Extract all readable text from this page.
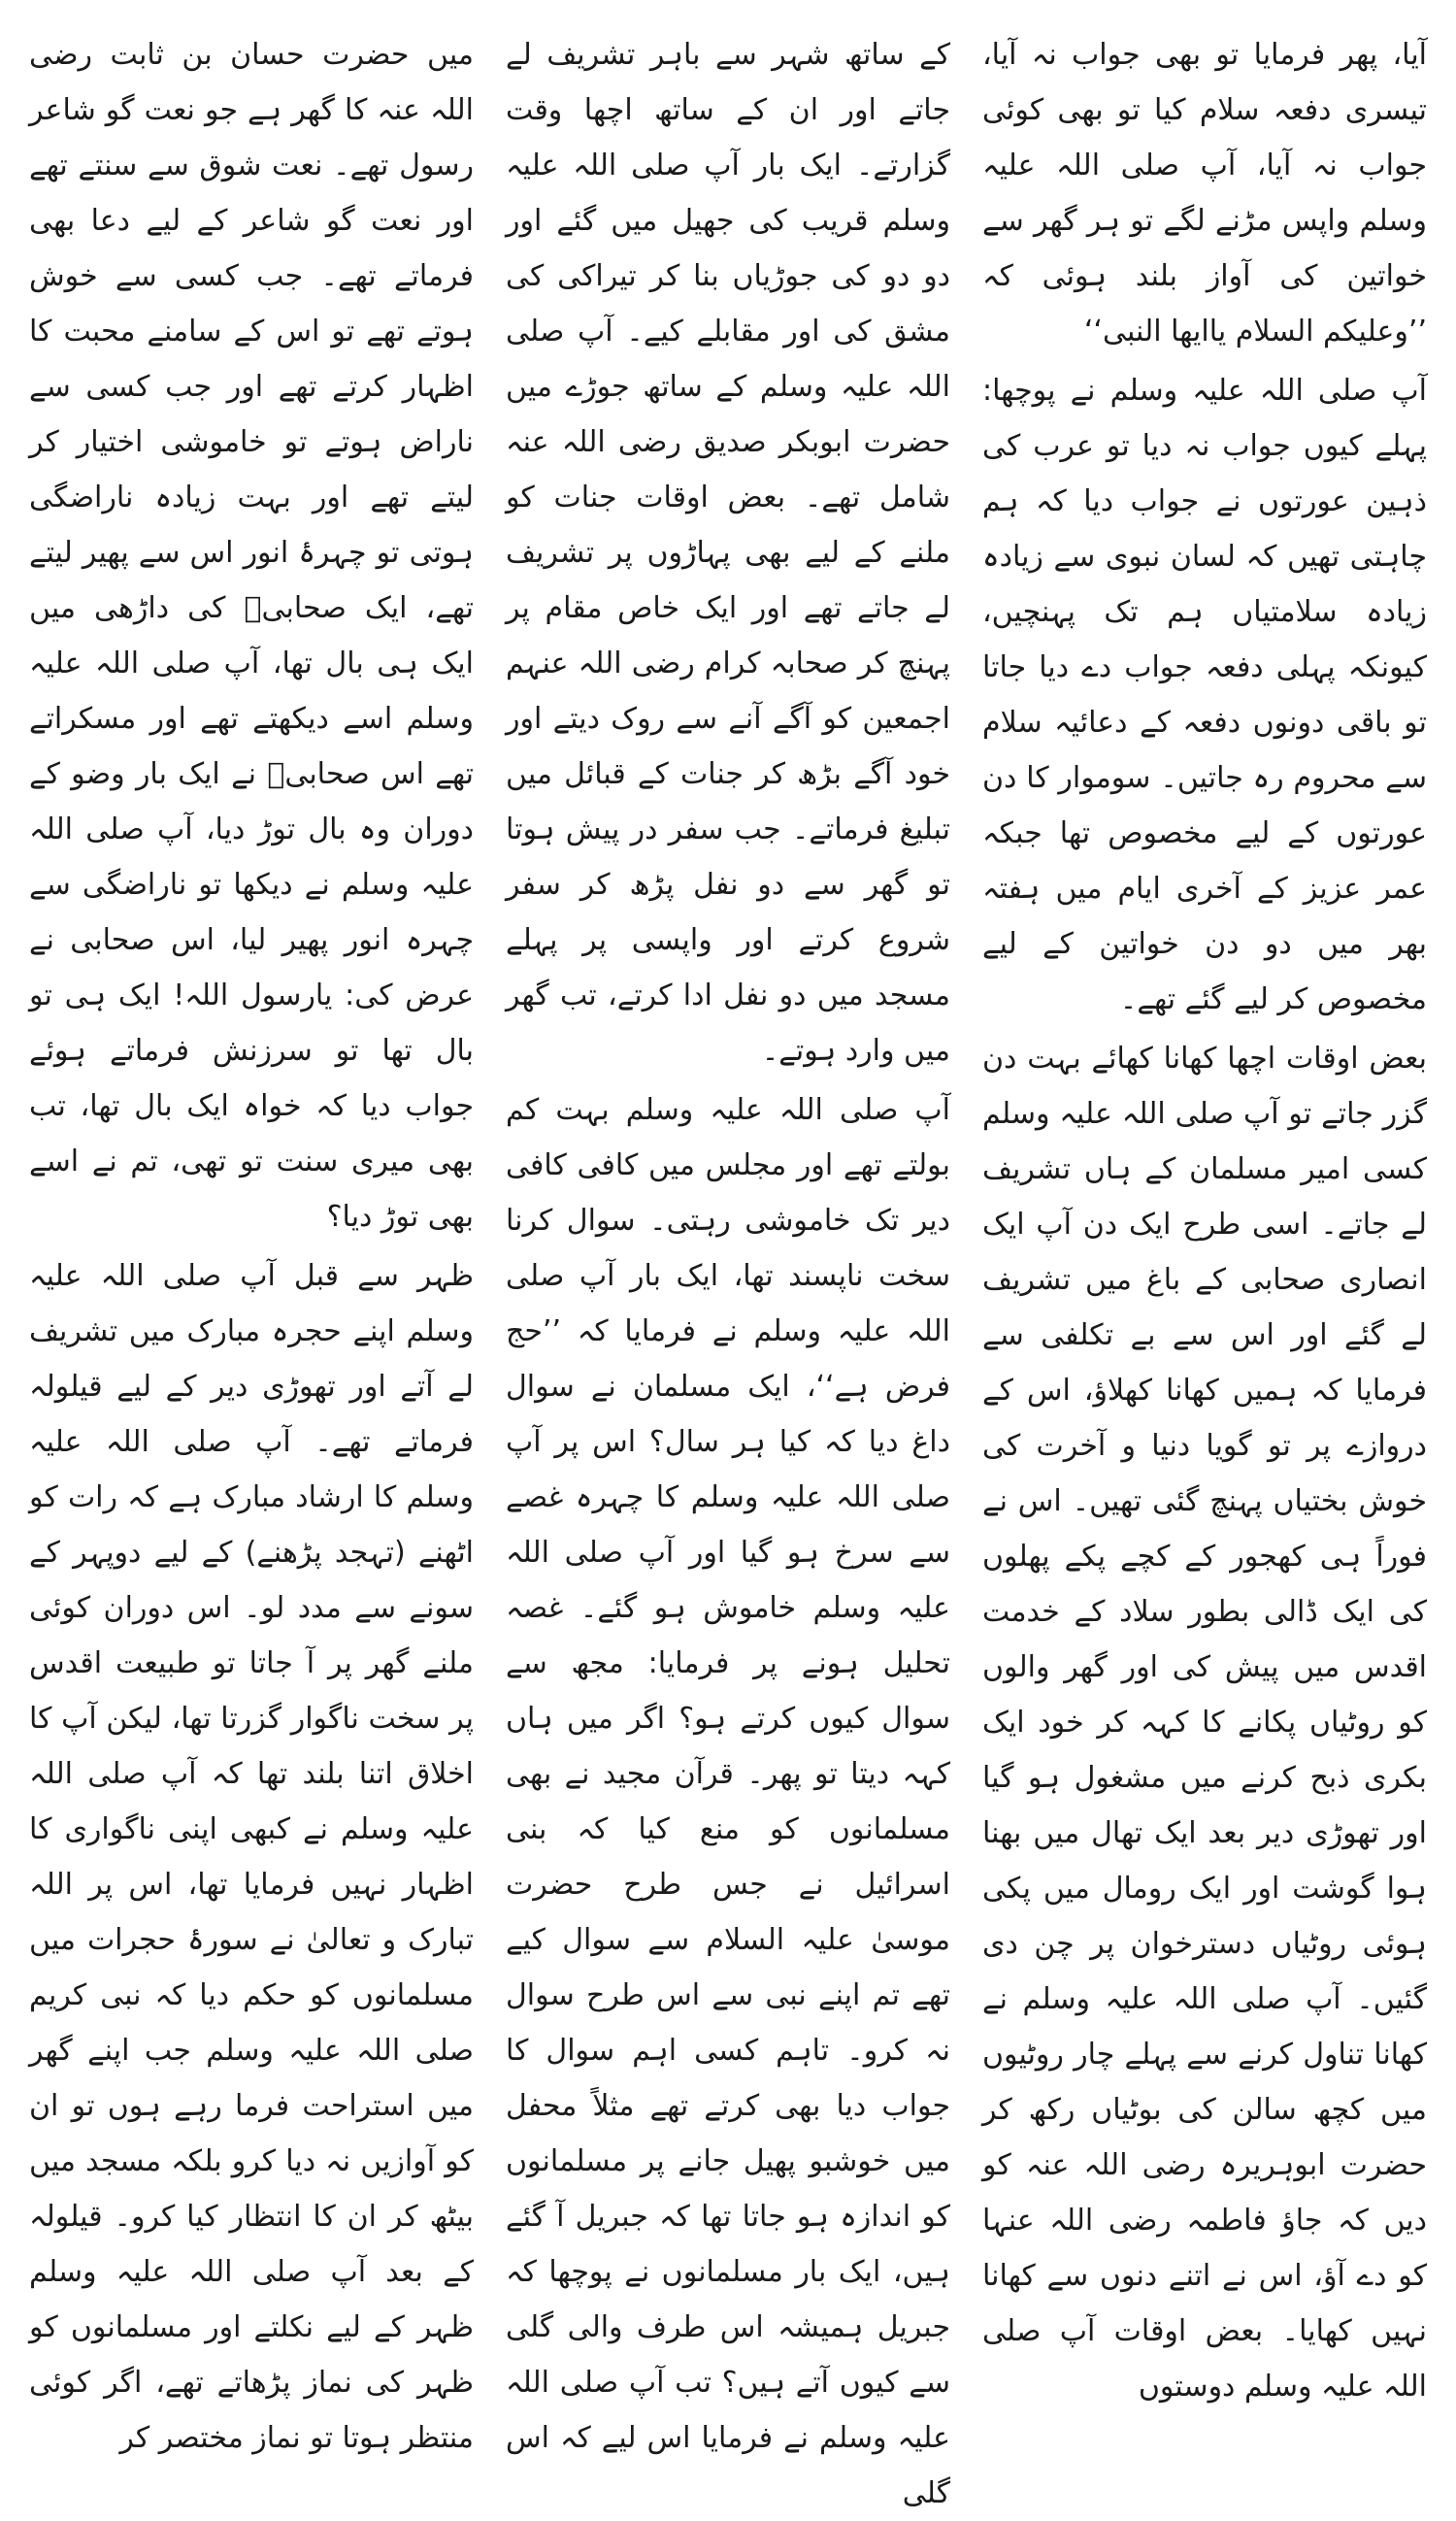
آیا، پھر فرمایا تو بھی جواب نہ آیا، تیسری دفعہ سلام کیا تو بھی کوئی جواب نہ آیا، آپ صلی اللہ علیہ وسلم واپس مڑنے لگے تو ہر گھر سے خواتین کی آواز بلند ہوئی کہ ’’وعلیکم السلام یاایھا النبی‘‘

آپ صلی اللہ علیہ وسلم نے پوچھا: پہلے کیوں جواب نہ دیا تو عرب کی ذہین عورتوں نے جواب دیا کہ ہم چاہتی تھیں کہ لسان نبوی سے زیادہ زیادہ سلامتیاں ہم تک پہنچیں، کیونکہ پہلی دفعہ جواب دے دیا جاتا تو باقی دونوں دفعہ کے دعائیہ سلام سے محروم رہ جاتیں۔ سوموار کا دن عورتوں کے لیے مخصوص تھا جبکہ عمر عزیز کے آخری ایام میں ہفتہ بھر میں دو دن خواتین کے لیے مخصوص کر لیے گئے تھے۔

بعض اوقات اچھا کھانا کھائے بہت دن گزر جاتے تو آپ صلی اللہ علیہ وسلم کسی امیر مسلمان کے ہاں تشریف لے جاتے۔ اسی طرح ایک دن آپ ایک انصاری صحابی کے باغ میں تشریف لے گئے اور اس سے بے تکلفی سے فرمایا کہ ہمیں کھانا کھلاؤ، اس کے دروازے پر تو گویا دنیا و آخرت کی خوش بختیاں پہنچ گئی تھیں۔ اس نے فوراً ہی کھجور کے کچے پکے پھلوں کی ایک ڈالی بطور سلاد کے خدمت اقدس میں پیش کی اور گھر والوں کو روٹیاں پکانے کا کہہ کر خود ایک بکری ذبح کرنے میں مشغول ہو گیا اور تھوڑی دیر بعد ایک تھال میں بھنا ہوا گوشت اور ایک رومال میں پکی ہوئی روٹیاں دسترخوان پر چن دی گئیں۔ آپ صلی اللہ علیہ وسلم نے کھانا تناول کرنے سے پہلے چار روٹیوں میں کچھ سالن کی بوٹیاں رکھ کر حضرت ابوہریرہ رضی اللہ عنہ کو دیں کہ جاؤ فاطمہ رضی اللہ عنہا کو دے آؤ، اس نے اتنے دنوں سے کھانا نہیں کھایا۔ بعض اوقات آپ صلی اللہ علیہ وسلم دوستوں

کے ساتھ شہر سے باہر تشریف لے جاتے اور ان کے ساتھ اچھا وقت گزارتے۔ ایک بار آپ صلی اللہ علیہ وسلم قریب کی جھیل میں گئے اور دو دو کی جوڑیاں بنا کر تیراکی کی مشق کی اور مقابلے کیے۔ آپ صلی اللہ علیہ وسلم کے ساتھ جوڑے میں حضرت ابوبکر صدیق رضی اللہ عنہ شامل تھے۔ بعض اوقات جنات کو ملنے کے لیے بھی پہاڑوں پر تشریف لے جاتے تھے اور ایک خاص مقام پر پہنچ کر صحابہ کرام رضی اللہ عنہم اجمعین کو آگے آنے سے روک دیتے اور خود آگے بڑھ کر جنات کے قبائل میں تبلیغ فرماتے۔ جب سفر در پیش ہوتا تو گھر سے دو نفل پڑھ کر سفر شروع کرتے اور واپسی پر پہلے مسجد میں دو نفل ادا کرتے، تب گھر میں وارد ہوتے۔

آپ صلی اللہ علیہ وسلم بہت کم بولتے تھے اور مجلس میں کافی کافی دیر تک خاموشی رہتی۔ سوال کرنا سخت ناپسند تھا، ایک بار آپ صلی اللہ علیہ وسلم نے فرمایا کہ ’’حج فرض ہے‘‘، ایک مسلمان نے سوال داغ دیا کہ کیا ہر سال؟ اس پر آپ صلی اللہ علیہ وسلم کا چہرہ غصے سے سرخ ہو گیا اور آپ صلی اللہ علیہ وسلم خاموش ہو گئے۔ غصہ تحلیل ہونے پر فرمایا: مجھ سے سوال کیوں کرتے ہو؟ اگر میں ہاں کہہ دیتا تو پھر۔ قرآن مجید نے بھی مسلمانوں کو منع کیا کہ بنی اسرائیل نے جس طرح حضرت موسیٰ علیہ السلام سے سوال کیے تھے تم اپنے نبی سے اس طرح سوال نہ کرو۔ تاہم کسی اہم سوال کا جواب دیا بھی کرتے تھے مثلاً محفل میں خوشبو پھیل جانے پر مسلمانوں کو اندازہ ہو جاتا تھا کہ جبریل آ گئے ہیں، ایک بار مسلمانوں نے پوچھا کہ جبریل ہمیشہ اس طرف والی گلی سے کیوں آتے ہیں؟ تب آپ صلی اللہ علیہ وسلم نے فرمایا اس لیے کہ اس گلی

میں حضرت حسان بن ثابت رضی اللہ عنہ کا گھر ہے جو نعت گو شاعر رسول تھے۔ نعت شوق سے سنتے تھے اور نعت گو شاعر کے لیے دعا بھی فرماتے تھے۔ جب کسی سے خوش ہوتے تھے تو اس کے سامنے محبت کا اظہار کرتے تھے اور جب کسی سے ناراض ہوتے تو خاموشی اختیار کر لیتے تھے اور بہت زیادہ ناراضگی ہوتی تو چہرۂ انور اس سے پھیر لیتے تھے، ایک صحابیؓ کی داڑھی میں ایک ہی بال تھا، آپ صلی اللہ علیہ وسلم اسے دیکھتے تھے اور مسکراتے تھے اس صحابیؓ نے ایک بار وضو کے دوران وہ بال توڑ دیا، آپ صلی اللہ علیہ وسلم نے دیکھا تو ناراضگی سے چہرہ انور پھیر لیا، اس صحابی نے عرض کی: یارسول اللہ! ایک ہی تو بال تھا تو سرزنش فرماتے ہوئے جواب دیا کہ خواہ ایک بال تھا، تب بھی میری سنت تو تھی، تم نے اسے بھی توڑ دیا؟

ظہر سے قبل آپ صلی اللہ علیہ وسلم اپنے حجرہ مبارک میں تشریف لے آتے اور تھوڑی دیر کے لیے قیلولہ فرماتے تھے۔ آپ صلی اللہ علیہ وسلم کا ارشاد مبارک ہے کہ رات کو اٹھنے (تہجد پڑھنے) کے لیے دوپہر کے سونے سے مدد لو۔ اس دوران کوئی ملنے گھر پر آ جاتا تو طبیعت اقدس پر سخت ناگوار گزرتا تھا، لیکن آپ کا اخلاق اتنا بلند تھا کہ آپ صلی اللہ علیہ وسلم نے کبھی اپنی ناگواری کا اظہار نہیں فرمایا تھا، اس پر اللہ تبارک و تعالیٰ نے سورۂ حجرات میں مسلمانوں کو حکم دیا کہ نبی کریم صلی اللہ علیہ وسلم جب اپنے گھر میں استراحت فرما رہے ہوں تو ان کو آوازیں نہ دیا کرو بلکہ مسجد میں بیٹھ کر ان کا انتظار کیا کرو۔ قیلولہ کے بعد آپ صلی اللہ علیہ وسلم ظہر کے لیے نکلتے اور مسلمانوں کو ظہر کی نماز پڑھاتے تھے، اگر کوئی منتظر ہوتا تو نماز مختصر کر
